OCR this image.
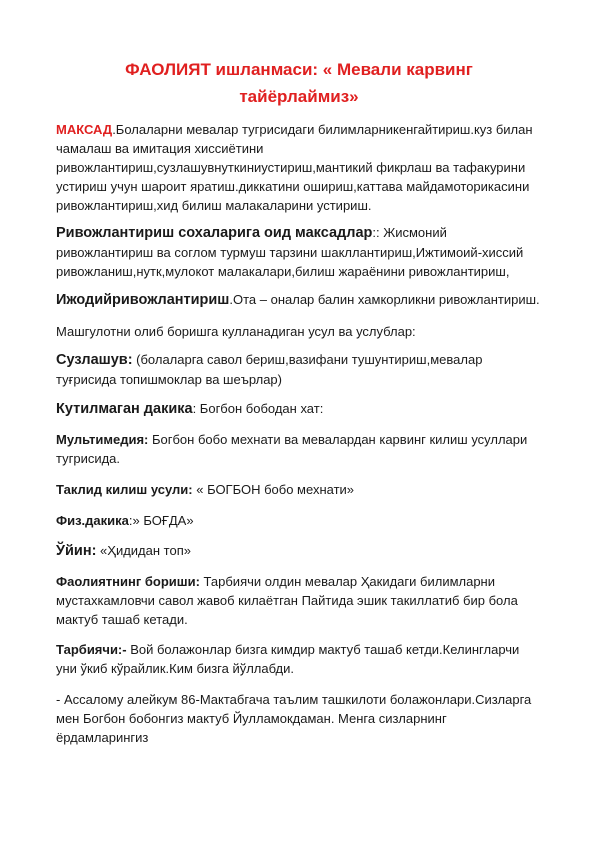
ФАОЛИЯТ ишланмаси: « Мевали карвинг
тайёрлаймиз»

МАКСАД.Болаларни мевалар тугрисидаги билимларникенгайтириш.куз билан чамалаш ва имитация хиссиётини ривожлантириш,сузлашувнуткиниустириш,мантикий фикрлаш ва тафакурини устириш учун шароит яратиш.диккатини ошириш,каттава майдамоторикасини ривожлантириш,хид билиш малакаларини устириш.

Ривожлантириш сохаларига оид максадлар:: Жисмоний ривожлантириш ва соглом турмуш тарзини шакллантириш,Ижтимоий-хиссий ривожланиш,нутк,мулокот малакалари,билиш жараёнини ривожлантириш,

Ижодийривожлантириш.Ота – оналар балин хамкорликни ривожлантириш.

Машгулотни олиб боришга кулланадиган усул ва услублар:

Сузлашув: (болаларга савол бериш,вазифани тушунтириш,мевалар туғрисида топишмоклар ва шеърлар)

Кутилмаган дакика: Богбон бободан хат:

Мультимедия: Богбон бобо мехнати ва мевалардан карвинг килиш усуллари тугрисида.

Таклид килиш усули: « БОГБОН бобо мехнати»

Физ.дакика:» БОҒДА»

Ўйин: «Ҳидидан топ»

Фаолиятнинг бориши: Тарбиячи олдин мевалар Ҳакидаги билимларни мустахкамловчи савол жавоб килаётган Пайтида эшик такиллатиб бир бола мактуб ташаб кетади.

Тарбиячи:- Вой болажонлар бизга кимдир мактуб ташаб кетди.Келингларчи уни ўкиб кўрайлик.Ким бизга йўллабди.

- Ассалому алейкум 86-Мактабгача таълим ташкилоти болажонлари.Сизларга мен Богбон бобонгиз мактуб Йулламокдаман. Менга сизларнинг ёрдамларингиз
